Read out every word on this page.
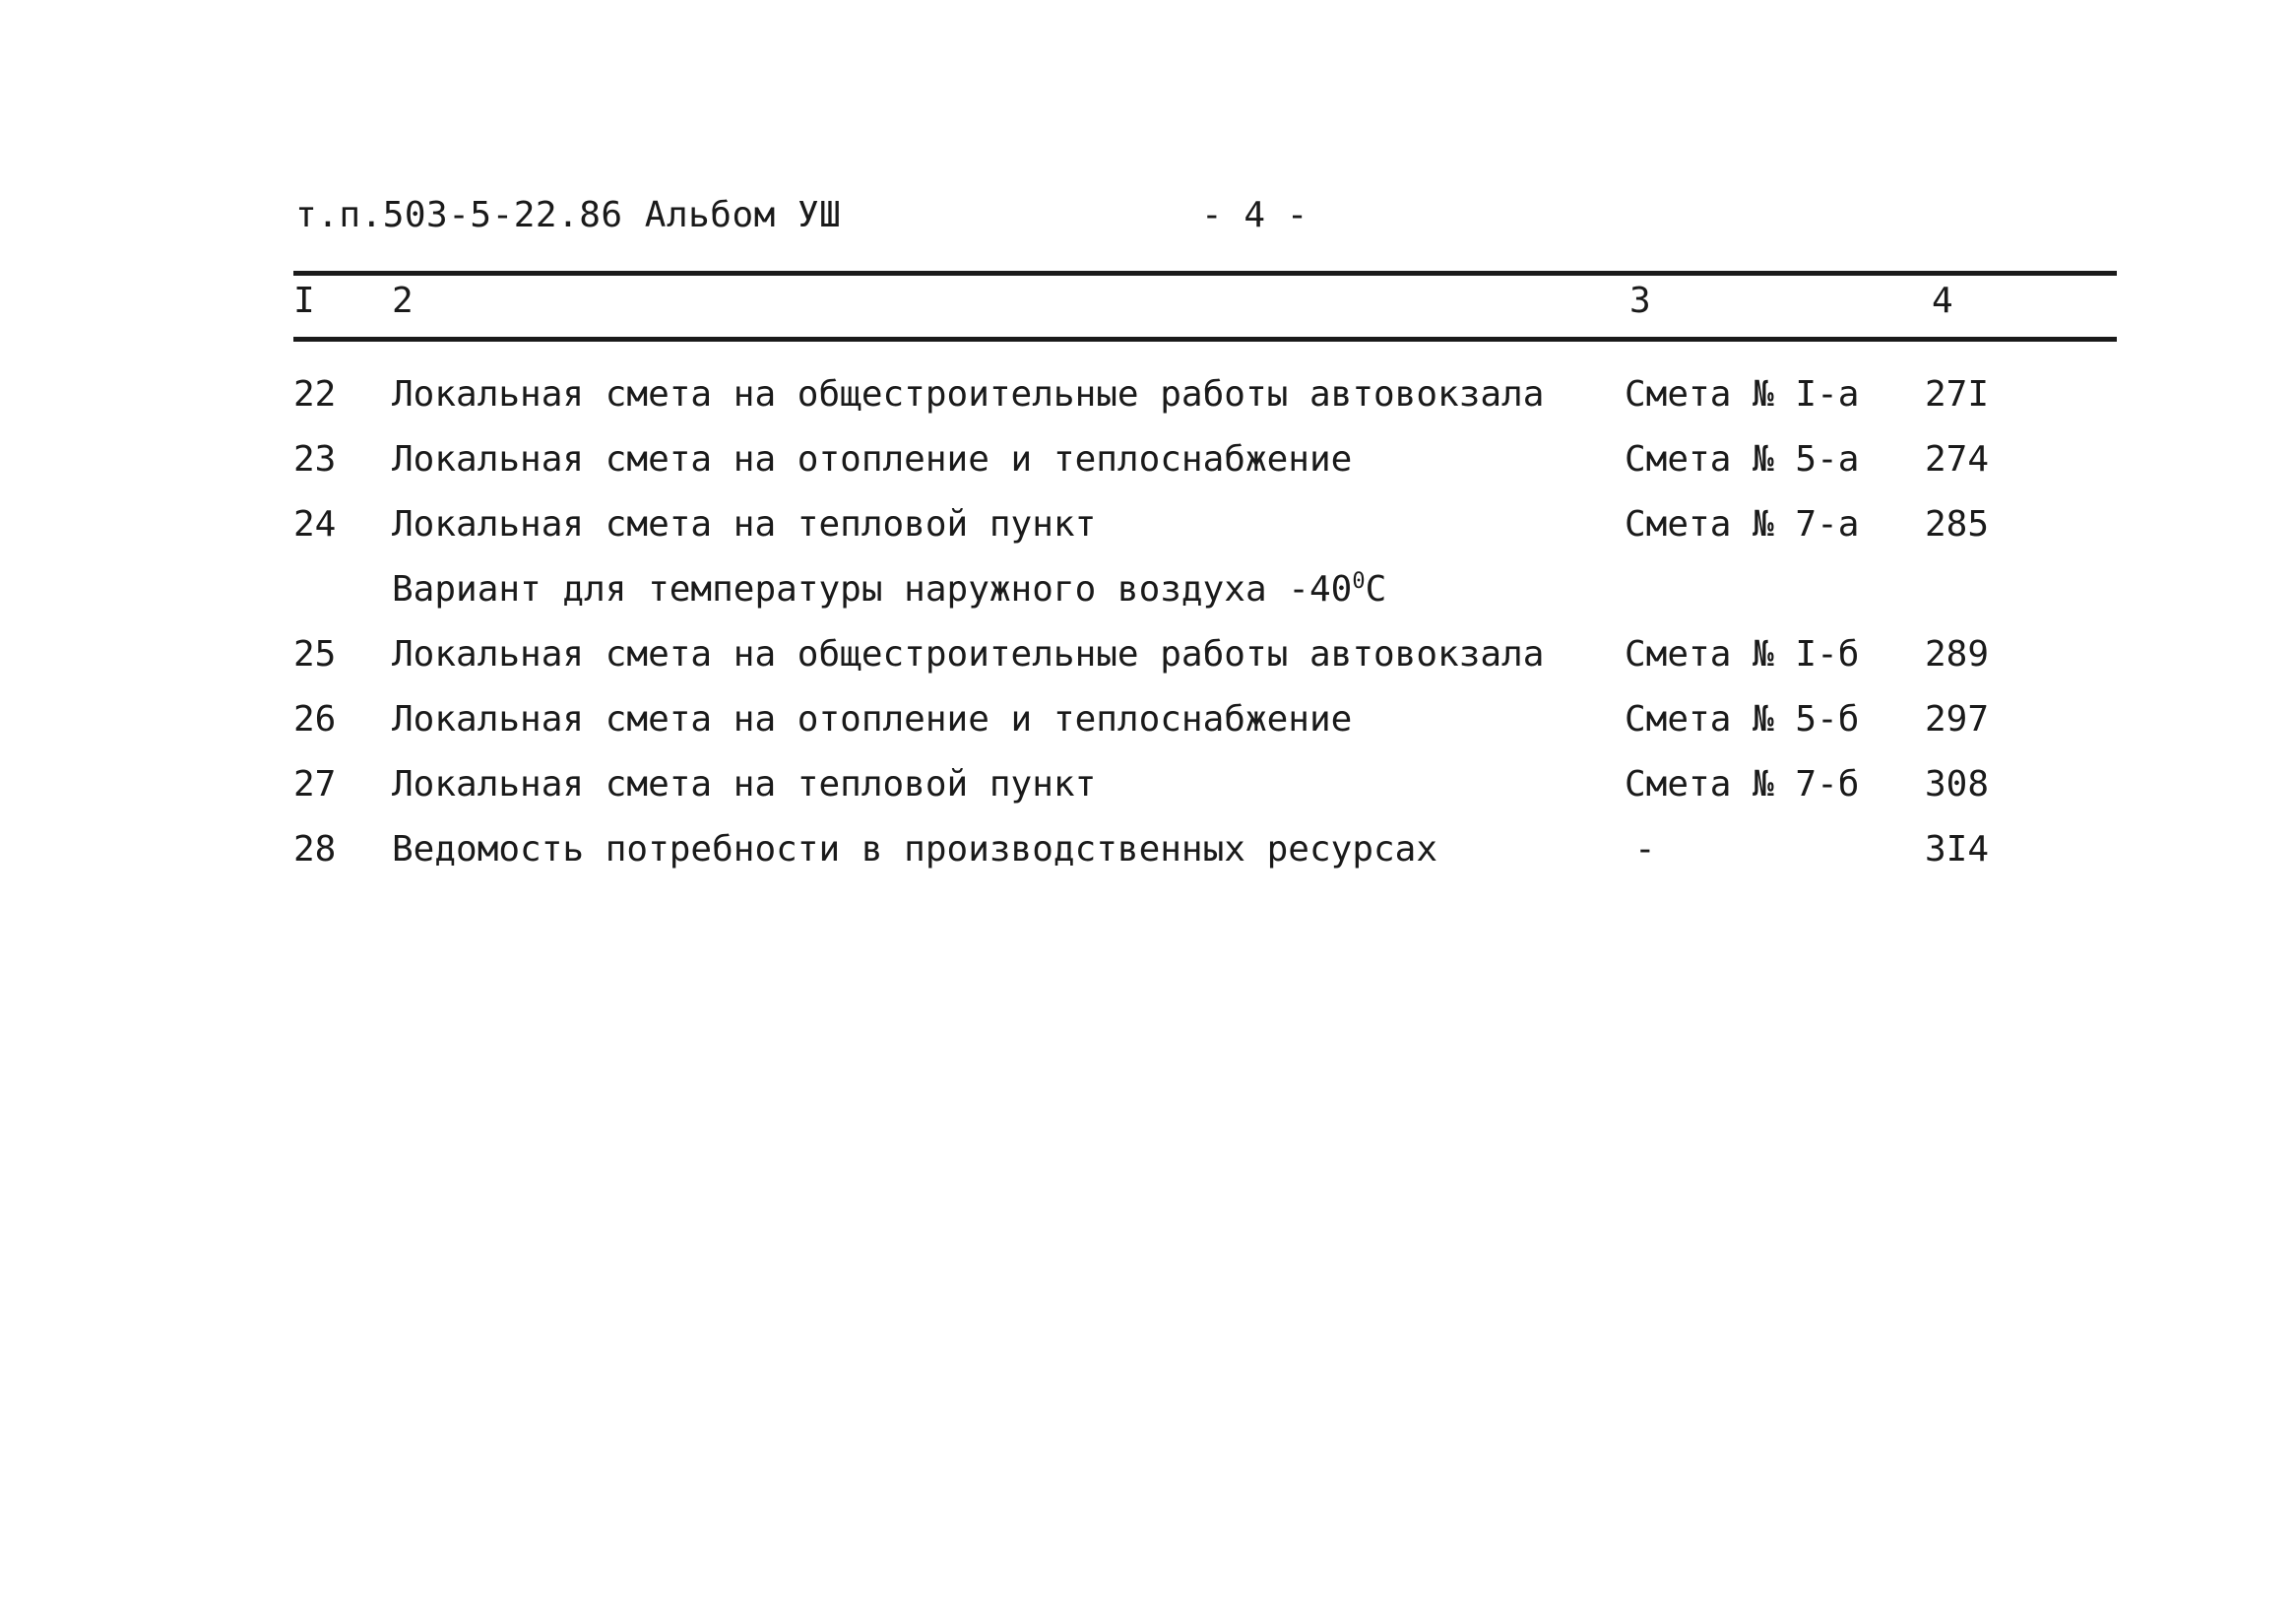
т.п.503-5-22.86 Альбом УШ	- 4 -
I 2	3	4
22 Локальная смета на общестроительные работы автовокзала Смета № I-а 27I
23 Локальная смета на отопление и теплоснабжение	Смета № 5-а 274
24 Локальная смета на тепловой пункт	Смета № 7-а 285
Вариант для температуры наружного воздуха $-40^0С$
25 Локальная смета на общестроительные работы автовокзала Смета № I-б 289
26 Локальная смета на отопление и теплоснабжение	Смета № 5-б 297
27 Локальная смета на тепловой пункт	Смета № 7-б 308
28 Ведомость потребности в производственных ресурсах	-	3I4
